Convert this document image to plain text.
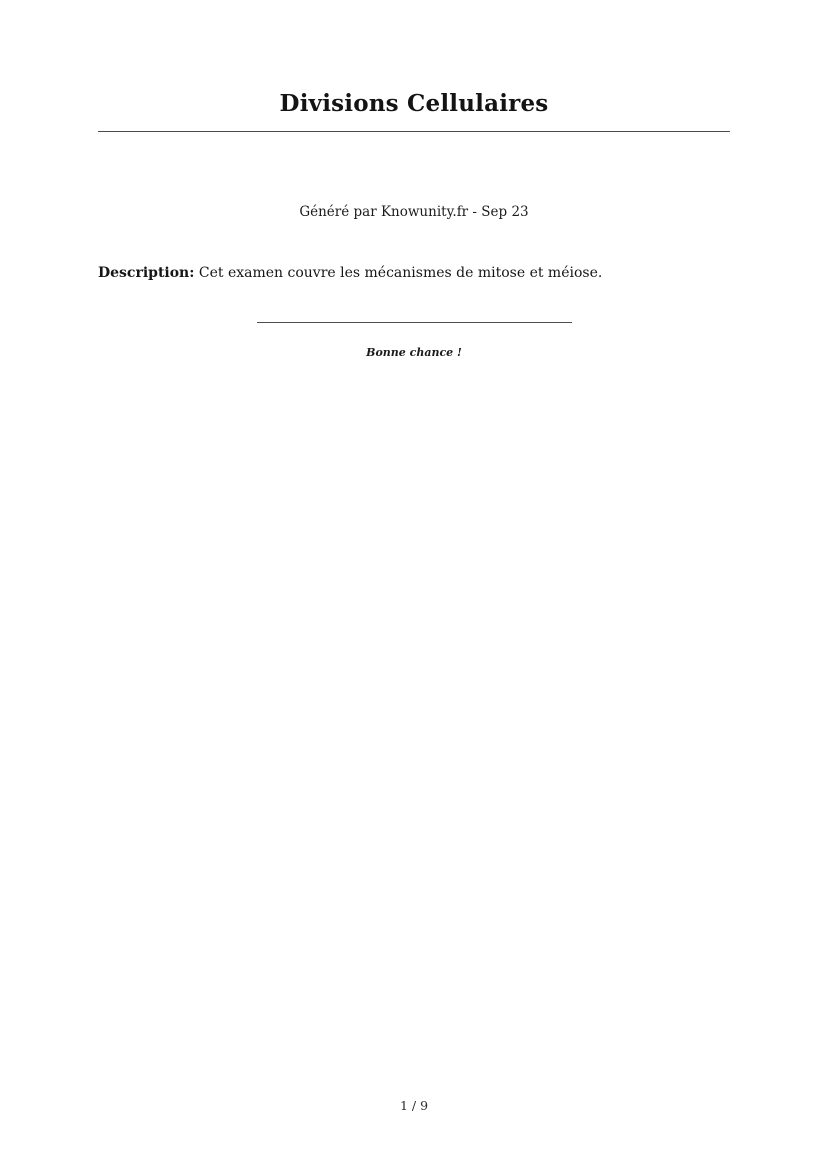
Divisions Cellulaires
Généré par Knowunity.fr - Sep 23
Description: Cet examen couvre les mécanismes de mitose et méiose.
Bonne chance !
1 / 9
